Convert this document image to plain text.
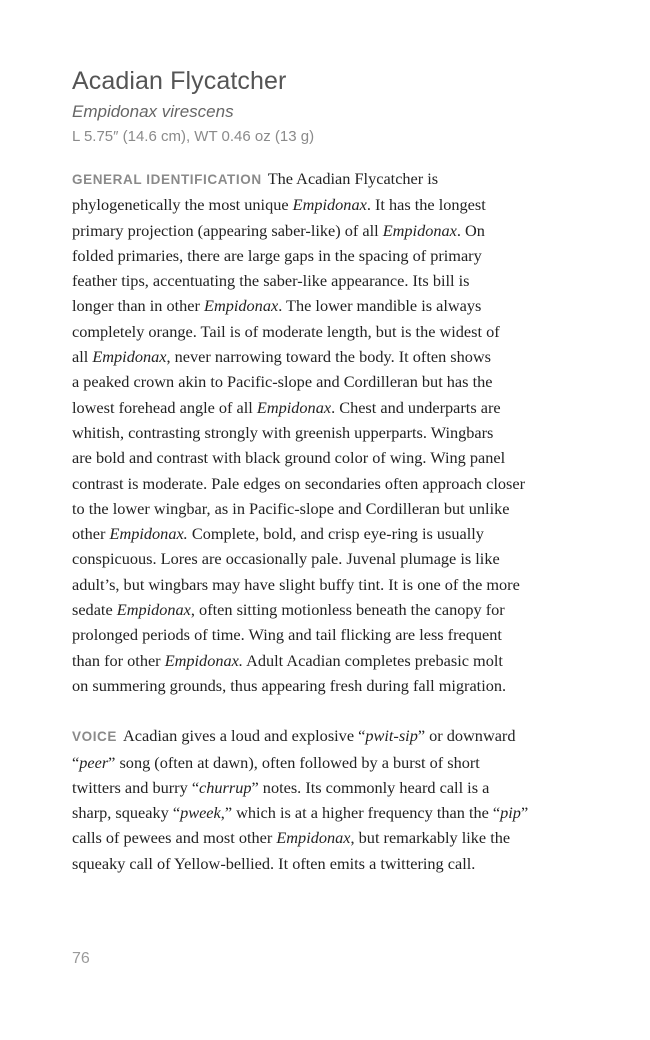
Acadian Flycatcher

Empidonax virescens

L 5.75″ (14.6 cm), WT 0.46 oz (13 g)

GENERAL IDENTIFICATION The Acadian Flycatcher is
phylogenetically the most unique Empidonax. It has the longest
primary projection (appearing saber-like) of all Empidonax. On
folded primaries, there are large gaps in the spacing of primary
feather tips, accentuating the saber-like appearance. Its bill is
longer than in other Empidonax. The lower mandible is always
completely orange. Tail is of moderate length, but is the widest of
all Empidonax, never narrowing toward the body. It often shows
a peaked crown akin to Pacific-slope and Cordilleran but has the
lowest forehead angle of all Empidonax. Chest and underparts are
whitish, contrasting strongly with greenish upperparts. Wingbars
are bold and contrast with black ground color of wing. Wing panel
contrast is moderate. Pale edges on secondaries often approach closer
to the lower wingbar, as in Pacific-slope and Cordilleran but unlike
other Empidonax. Complete, bold, and crisp eye-ring is usually
conspicuous. Lores are occasionally pale. Juvenal plumage is like
adult’s, but wingbars may have slight buffy tint. It is one of the more
sedate Empidonax, often sitting motionless beneath the canopy for
prolonged periods of time. Wing and tail flicking are less frequent
than for other Empidonax. Adult Acadian completes prebasic molt
on summering grounds, thus appearing fresh during fall migration.

VOICE Acadian gives a loud and explosive “pwit-sip” or downward
“peer” song (often at dawn), often followed by a burst of short
twitters and burry “churrup” notes. Its commonly heard call is a
sharp, squeaky “pweek,” which is at a higher frequency than the “pip”
calls of pewees and most other Empidonax, but remarkably like the
squeaky call of Yellow-bellied. It often emits a twittering call.

76
